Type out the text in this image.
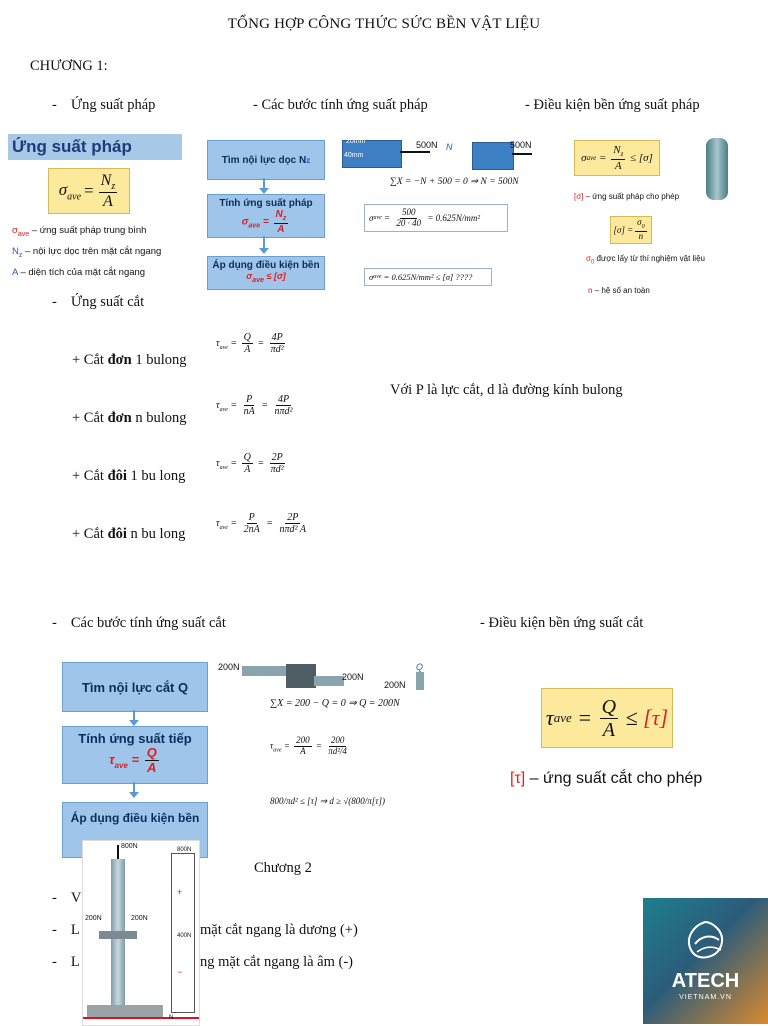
TỔNG HỢP CÔNG THỨC SỨC BỀN VẬT LIỆU
CHƯƠNG 1:
- Ứng suất pháp	- Các bước tính ứng suất pháp	- Điều kiện bền ứng suất pháp
Ứng suất pháp
$\sigma_{ave} = \frac{N_z}{A}$
$\sigma_{ave}$ – ứng suất pháp trung bình
$N_z$ – nội lực dọc trên mặt cắt ngang
A – diện tích của mặt cắt ngang
Tìm nội lực dọc N z
Tính ứng suất pháp
$\sigma_{ave} = \frac{N_z}{A}$
Áp dụng điều kiện bền
$\sigma_{ave} \le [\sigma]$
20mm
40mm
500N N	500N
∑X = −N + 500 = 0 ⇒ N = 500N
σ ave = $\frac{500}{20 \cdot 40}$
= 0.625N/mm²
σ ave
= 0.625N/mm² ≤ [σ] ????
σ ave = $\frac{N_z}{A} \le [\sigma]$
[σ] – ứng suất pháp cho phép
$[\sigma] = \frac{\sigma_0}{n}$
$\sigma_0$ được lấy từ thí nghiệm vật liệu
n – hệ số an toàn
- Ứng suất cắt
+ Cắt đơn 1 bulong
$\tau_{ave} = \frac{Q}{A} = \frac{4P}{\text{πd²}}$
+ Cắt đơn n bulong
$\tau_{ave} = \frac{P}{nA} = \frac{4P}{\text{nπd²}}$
+ Cắt đôi 1 bu long
$\tau_{ave} = \frac{Q}{A} = \frac{2P}{\text{πd²}}$
+ Cắt đôi n bu long
$\tau_{ave} = \frac{P}{2nA} = \frac{2P}{\text{nπd² A}}$
Với P là lực cắt, d là đường kính bulong
- Các bước tính ứng suất cắt	- Điều kiện bền ứng suất cắt
Tìm nội lực cắt Q
Tính ứng suất tiếp
$\tau_{ave} = \frac{Q}{A}$
Áp dụng điều kiện bền
200N
200N
200N
Q
∑X = 200 − Q = 0 ⇒ Q = 200N
$\tau_{ave} = \frac{200}{A} = \frac{200}{\text{πd²/4}}$
800/πd² ≤ [τ] ⇒ d ≥ √(800/π[τ])
τ ave = $\frac{Q}{A} \le [\tau]$
[τ] – ứng suất cắt cho phép
Chương 2
- V
- L	mặt cắt ngang là dương (+)
- L	ng mặt cắt ngang là âm (-)
800N
200N	200N
N
800N
+
400N
−	ATECH
VIETNAM.VN
